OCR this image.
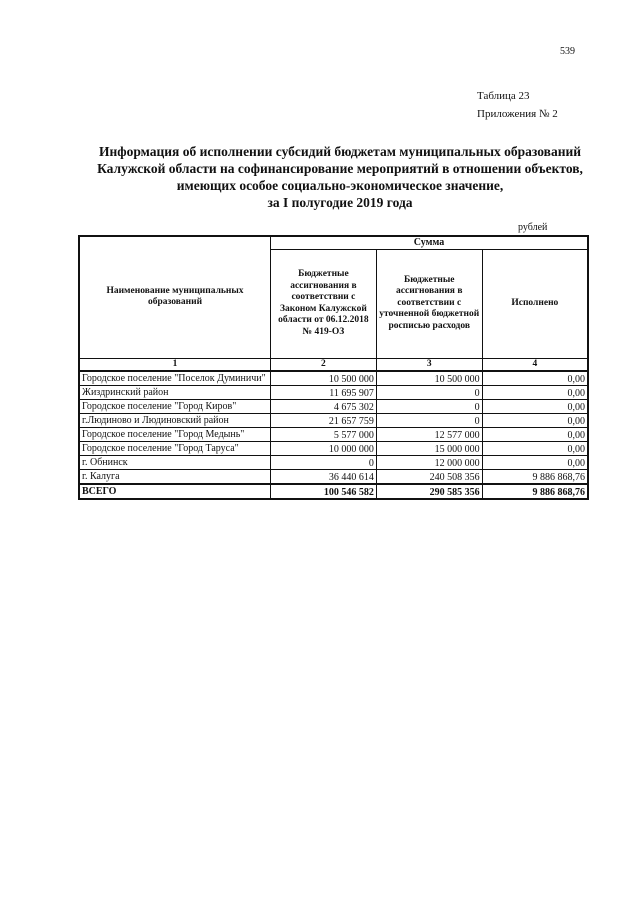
539
Таблица 23
Приложения № 2
Информация об исполнении субсидий бюджетам муниципальных образований
Калужской области на софинансирование мероприятий в отношении объектов,
имеющих особое социально-экономическое значение,
за I полугодие 2019 года
рублей
Наименование муниципальных образований	Сумма		
	Бюджетные ассигнования в соответствии с Законом Калужской области от 06.12.2018 № 419-ОЗ	Бюджетные ассигнования в соответствии с уточненной бюджетной росписью расходов	Исполнено
1	2	3	4
Городское поселение "Поселок Думиничи"	10 500 000	10 500 000	0,00
Жиздринский район	11 695 907	0	0,00
Городское поселение "Город Киров"	4 675 302	0	0,00
г.Людиново и Людиновский район	21 657 759	0	0,00
Городское поселение "Город Медынь"	5 577 000	12 577 000	0,00
Городское поселение "Город Таруса"	10 000 000	15 000 000	0,00
г. Обнинск	0	12 000 000	0,00
г. Калуга	36 440 614	240 508 356	9 886 868,76
ВСЕГО	100 546 582	290 585 356	9 886 868,76
